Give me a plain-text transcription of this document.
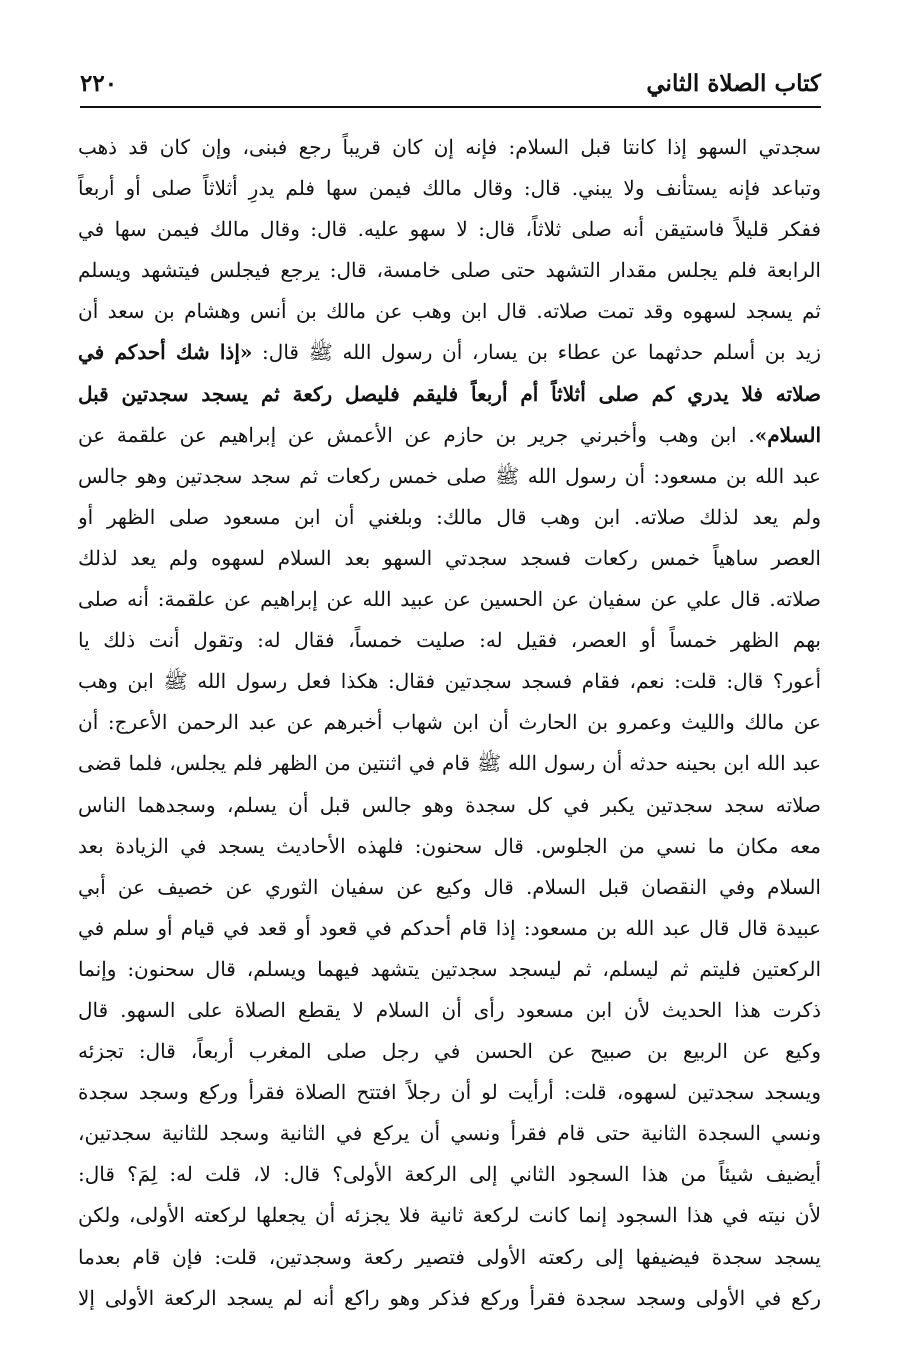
كتاب الصلاة الثاني
٢٢٠
سجدتي السهو إذا كانتا قبل السلام: فإنه إن كان قريباً رجع فبنى، وإن كان قد ذهب
وتباعد فإنه يستأنف ولا يبني. قال: وقال مالك فيمن سها فلم يدرِ أثلاثاً صلى أو أربعاً
ففكر قليلاً فاستيقن أنه صلى ثلاثاً، قال: لا سهو عليه. قال: وقال مالك فيمن سها في
الرابعة فلم يجلس مقدار التشهد حتى صلى خامسة، قال: يرجع فيجلس فيتشهد ويسلم
ثم يسجد لسهوه وقد تمت صلاته. قال ابن وهب عن مالك بن أنس وهشام بن سعد أن
زيد بن أسلم حدثهما عن عطاء بن يسار، أن رسول الله ﷺ قال: «إذا شك أحدكم في
صلاته فلا يدري كم صلى أثلاثاً أم أربعاً فليقم فليصل ركعة ثم يسجد سجدتين قبل
السلام». ابن وهب وأخبرني جرير بن حازم عن الأعمش عن إبراهيم عن علقمة عن
عبد الله بن مسعود: أن رسول الله ﷺ صلى خمس ركعات ثم سجد سجدتين وهو جالس
ولم يعد لذلك صلاته. ابن وهب قال مالك: وبلغني أن ابن مسعود صلى الظهر أو
العصر ساهياً خمس ركعات فسجد سجدتي السهو بعد السلام لسهوه ولم يعد لذلك
صلاته. قال علي عن سفيان عن الحسين عن عبيد الله عن إبراهيم عن علقمة: أنه صلى
بهم الظهر خمساً أو العصر، فقيل له: صليت خمساً، فقال له: وتقول أنت ذلك يا
أعور؟ قال: قلت: نعم، فقام فسجد سجدتين فقال: هكذا فعل رسول الله ﷺ ابن وهب
عن مالك والليث وعمرو بن الحارث أن ابن شهاب أخبرهم عن عبد الرحمن الأعرج: أن
عبد الله ابن بحينه حدثه أن رسول الله ﷺ قام في اثنتين من الظهر فلم يجلس، فلما قضى
صلاته سجد سجدتين يكبر في كل سجدة وهو جالس قبل أن يسلم، وسجدهما الناس
معه مكان ما نسي من الجلوس. قال سحنون: فلهذه الأحاديث يسجد في الزيادة بعد
السلام وفي النقصان قبل السلام. قال وكيع عن سفيان الثوري عن خصيف عن أبي
عبيدة قال قال عبد الله بن مسعود: إذا قام أحدكم في قعود أو قعد في قيام أو سلم في
الركعتين فليتم ثم ليسلم، ثم ليسجد سجدتين يتشهد فيهما ويسلم، قال سحنون: وإنما
ذكرت هذا الحديث لأن ابن مسعود رأى أن السلام لا يقطع الصلاة على السهو. قال
وكيع عن الربيع بن صبيح عن الحسن في رجل صلى المغرب أربعاً، قال: تجزئه
ويسجد سجدتين لسهوه، قلت: أرأيت لو أن رجلاً افتتح الصلاة فقرأ وركع وسجد سجدة
ونسي السجدة الثانية حتى قام فقرأ ونسي أن يركع في الثانية وسجد للثانية سجدتين،
أيضيف شيئاً من هذا السجود الثاني إلى الركعة الأولى؟ قال: لا، قلت له: لِمَ؟ قال:
لأن نيته في هذا السجود إنما كانت لركعة ثانية فلا يجزئه أن يجعلها لركعته الأولى، ولكن
يسجد سجدة فيضيفها إلى ركعته الأولى فتصير ركعة وسجدتين، قلت: فإن قام بعدما
ركع في الأولى وسجد سجدة فقرأ وركع فذكر وهو راكع أنه لم يسجد الركعة الأولى إلا
